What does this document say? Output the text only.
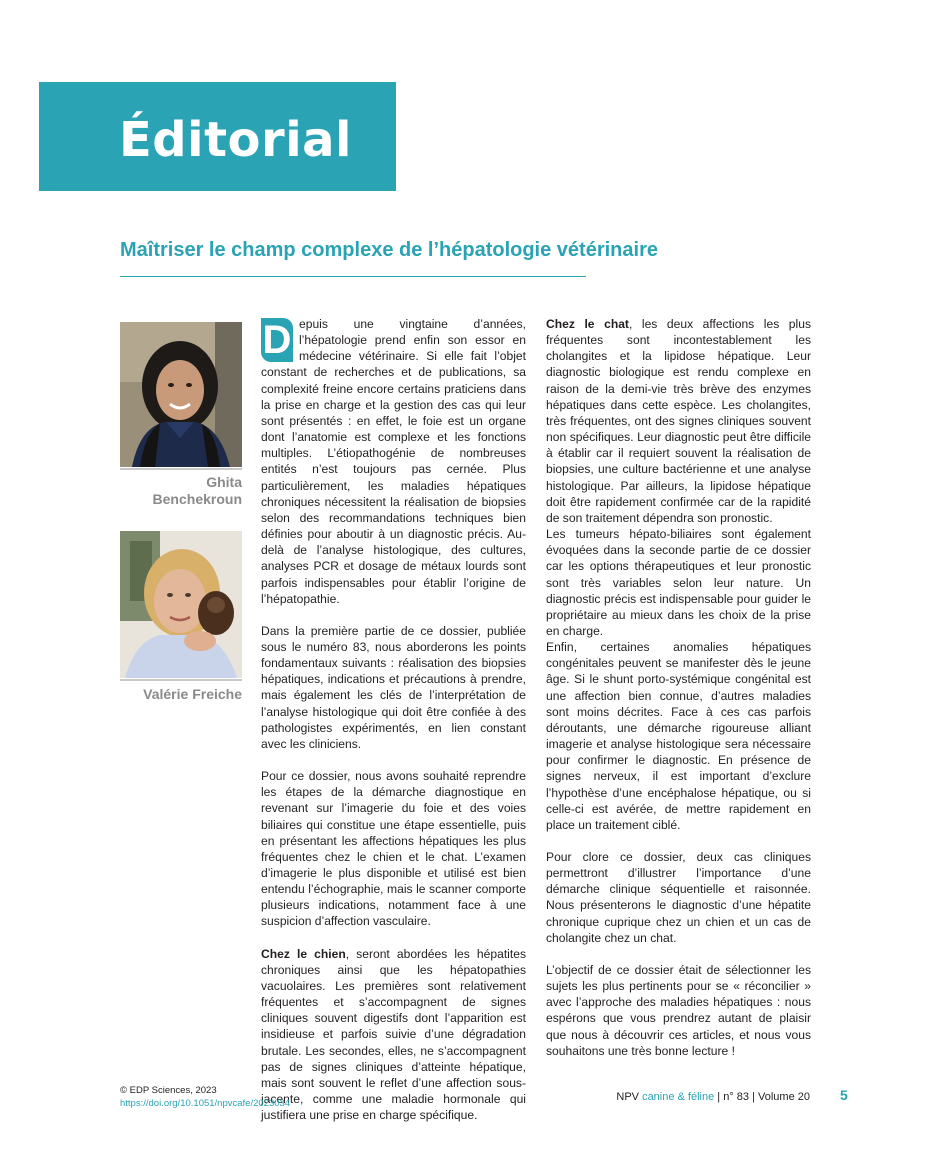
Éditorial
Maîtriser le champ complexe de l’hépatologie vétérinaire
Ghita
Benchekroun
Valérie Freiche

D epuis une vingtaine d’années, l’hépatologie prend enfin son essor en médecine vétérinaire. Si elle fait l’objet constant de recherches et de publications, sa complexité freine encore certains praticiens dans la prise en charge et la gestion des cas qui leur sont présentés : en effet, le foie est un organe dont l’anatomie est complexe et les fonctions multiples. L’étiopathogénie de nombreuses entités n’est toujours pas cernée. Plus particulièrement, les maladies hépatiques chroniques nécessitent la réalisation de biopsies selon des recommandations techniques bien définies pour aboutir à un diagnostic précis. Au-delà de l’analyse histologique, des cultures, analyses PCR et dosage de métaux lourds sont parfois indispensables pour établir l’origine de l’hépatopathie.

Dans la première partie de ce dossier, publiée sous le numéro 83, nous aborderons les points fondamentaux suivants : réalisation des biopsies hépatiques, indications et précautions à prendre, mais également les clés de l’interprétation de l’analyse histologique qui doit être confiée à des pathologistes expérimentés, en lien constant avec les cliniciens.

Pour ce dossier, nous avons souhaité reprendre les étapes de la démarche diagnostique en revenant sur l’imagerie du foie et des voies biliaires qui constitue une étape essentielle, puis en présentant les affections hépatiques les plus fréquentes chez le chien et le chat. L’examen d’imagerie le plus disponible et utilisé est bien entendu l’échographie, mais le scanner comporte plusieurs indications, notamment face à une suspicion d’affection vasculaire.

Chez le chien, seront abordées les hépatites chroniques ainsi que les hépatopathies vacuolaires. Les premières sont relativement fréquentes et s’accompagnent de signes cliniques souvent digestifs dont l’apparition est insidieuse et parfois suivie d’une dégradation brutale. Les secondes, elles, ne s’accompagnent pas de signes cliniques d’atteinte hépatique, mais sont souvent le reflet d’une affection sous-jacente, comme une maladie hormonale qui justifiera une prise en charge spécifique.

Chez le chat, les deux affections les plus fréquentes sont incontestablement les cholangites et la lipidose hépatique. Leur diagnostic biologique est rendu complexe en raison de la demi-vie très brève des enzymes hépatiques dans cette espèce. Les cholangites, très fréquentes, ont des signes cliniques souvent non spécifiques. Leur diagnostic peut être difficile à établir car il requiert souvent la réalisation de biopsies, une culture bactérienne et une analyse histologique. Par ailleurs, la lipidose hépatique doit être rapidement confirmée car de la rapidité de son traitement dépendra son pronostic.

Les tumeurs hépato-biliaires sont également évoquées dans la seconde partie de ce dossier car les options thérapeutiques et leur pronostic sont très variables selon leur nature. Un diagnostic précis est indispensable pour guider le propriétaire au mieux dans les choix de la prise en charge.

Enfin, certaines anomalies hépatiques congénitales peuvent se manifester dès le jeune âge. Si le shunt porto-systémique congénital est une affection bien connue, d’autres maladies sont moins décrites. Face à ces cas parfois déroutants, une démarche rigoureuse alliant imagerie et analyse histologique sera nécessaire pour confirmer le diagnostic. En présence de signes nerveux, il est important d’exclure l’hypothèse d’une encéphalose hépatique, ou si celle-ci est avérée, de mettre rapidement en place un traitement ciblé.

Pour clore ce dossier, deux cas cliniques permettront d’illustrer l’importance d’une démarche clinique séquentielle et raisonnée. Nous présenterons le diagnostic d’une hépatite chronique cuprique chez un chien et un cas de cholangite chez un chat.

L’objectif de ce dossier était de sélectionner les sujets les plus pertinents pour se « réconcilier » avec l’approche des maladies hépatiques : nous espérons que vous prendrez autant de plaisir que nous à découvrir ces articles, et nous vous souhaitons une très bonne lecture !

© EDP Sciences, 2023
https://doi.org/10.1051/npvcafe/2023034
NPV canine & féline | n° 83 | Volume 20 5
